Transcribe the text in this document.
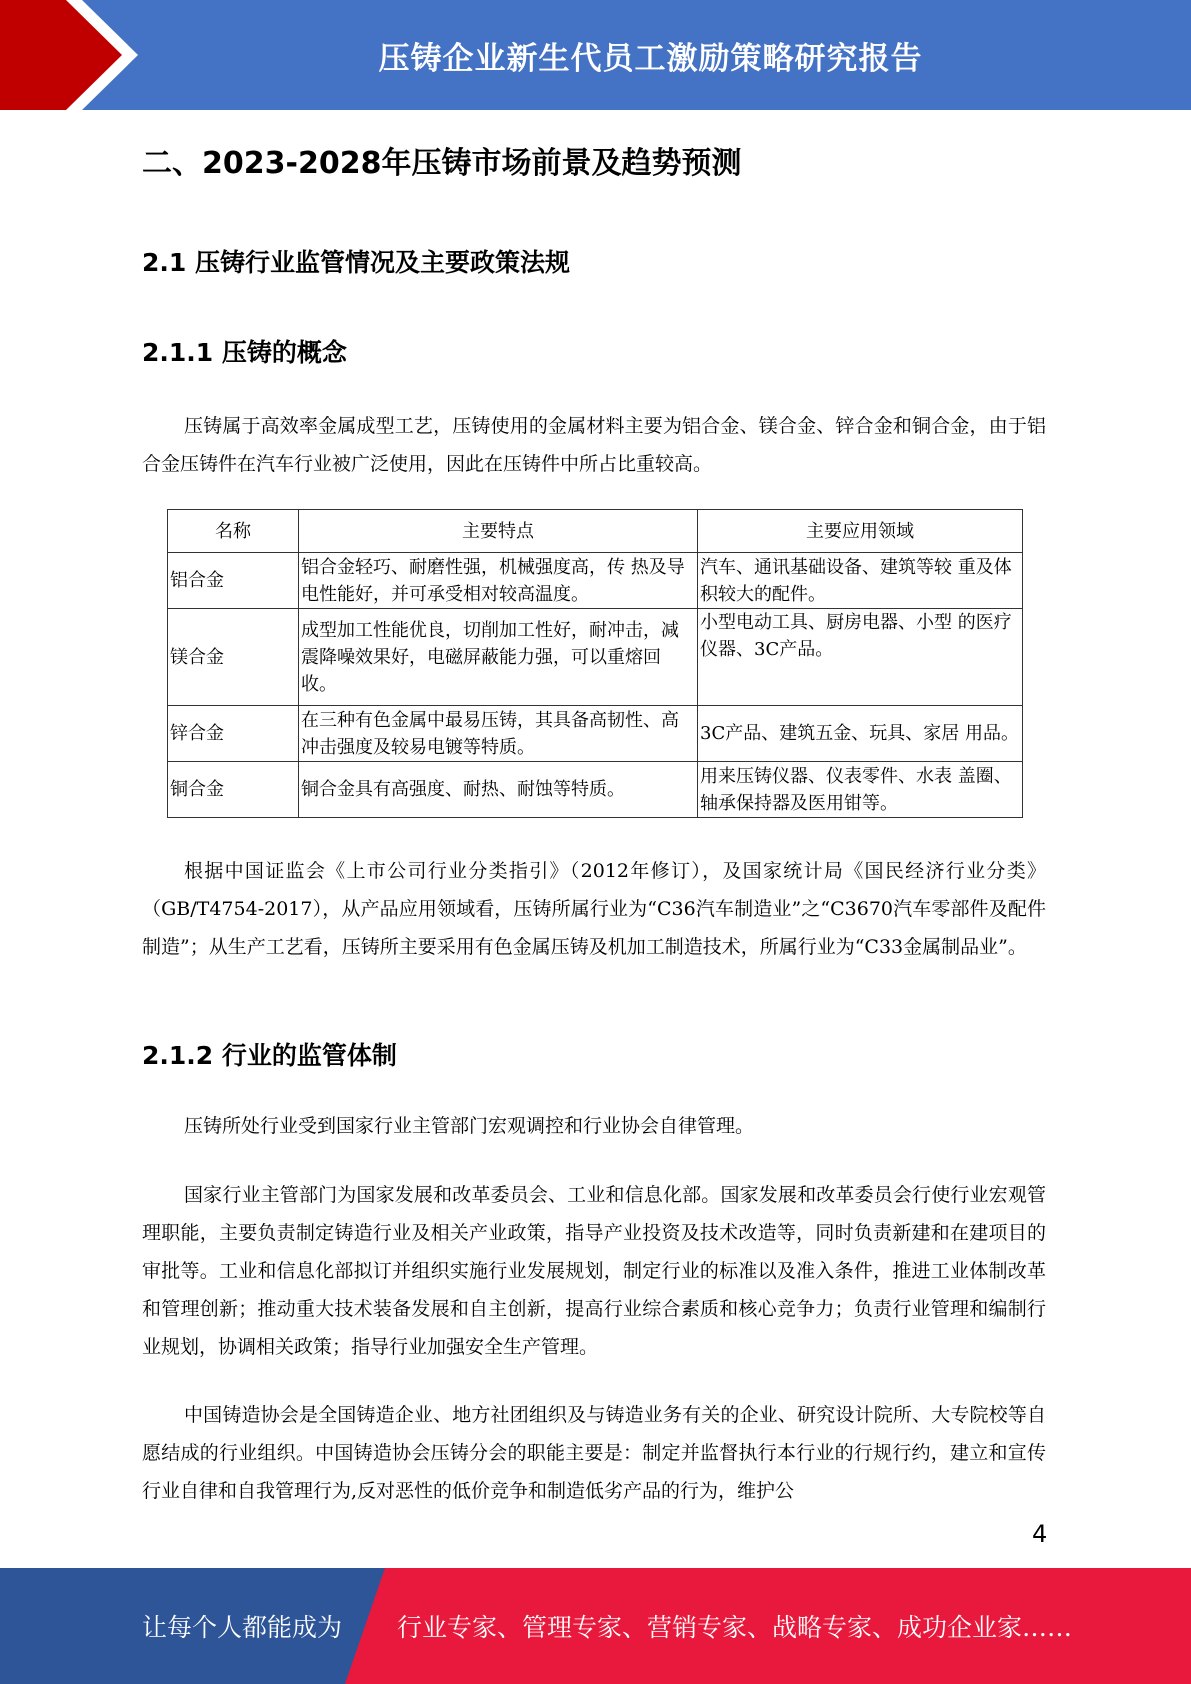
压铸企业新生代员工激励策略研究报告
二、2023-2028年压铸市场前景及趋势预测
2.1 压铸行业监管情况及主要政策法规
2.1.1 压铸的概念

压铸属于高效率金属成型工艺，压铸使用的金属材料主要为铝合金、镁合金、锌合金和铜合金，由于铝合金压铸件在汽车行业被广泛使用，因此在压铸件中所占比重较高。

名称	主要特点	主要应用领域
铝合金	铝合金轻巧、耐磨性强，机械强度高，传 热及导电性能好，并可承受相对较高温度。	汽车、通讯基础设备、建筑等较 重及体积较大的配件。
镁合金	成型加工性能优良，切削加工性好，耐冲击，减震降噪效果好，电磁屏蔽能力强，可以重熔回收。	小型电动工具、厨房电器、小型 的医疗仪器、3C产品。
锌合金	在三种有色金属中最易压铸，其具备高韧性、高冲击强度及较易电镀等特质。	3C产品、建筑五金、玩具、家居 用品。
铜合金	铜合金具有高强度、耐热、耐蚀等特质。	用来压铸仪器、仪表零件、水表 盖圈、轴承保持器及医用钳等。

根据中国证监会《上市公司行业分类指引》（2012年修订），及国家统计局《国民经济行业分类》（GB/T4754-2017），从产品应用领域看，压铸所属行业为“C36汽车制造业”之“C3670汽车零部件及配件制造”；从生产工艺看，压铸所主要采用有色金属压铸及机加工制造技术，所属行业为“C33金属制品业”。

2.1.2 行业的监管体制

压铸所处行业受到国家行业主管部门宏观调控和行业协会自律管理。

国家行业主管部门为国家发展和改革委员会、工业和信息化部。国家发展和改革委员会行使行业宏观管理职能，主要负责制定铸造行业及相关产业政策，指导产业投资及技术改造等，同时负责新建和在建项目的审批等。工业和信息化部拟订并组织实施行业发展规划，制定行业的标准以及准入条件，推进工业体制改革和管理创新；推动重大技术装备发展和自主创新，提高行业综合素质和核心竞争力；负责行业管理和编制行业规划，协调相关政策；指导行业加强安全生产管理。

中国铸造协会是全国铸造企业、地方社团组织及与铸造业务有关的企业、研究设计院所、大专院校等自愿结成的行业组织。中国铸造协会压铸分会的职能主要是：制定并监督执行本行业的行规行约，建立和宣传行业自律和自我管理行为,反对恶性的低价竞争和制造低劣产品的行为，维护公

4
让每个人都能成为 行业专家、管理专家、营销专家、战略专家、成功企业家……
